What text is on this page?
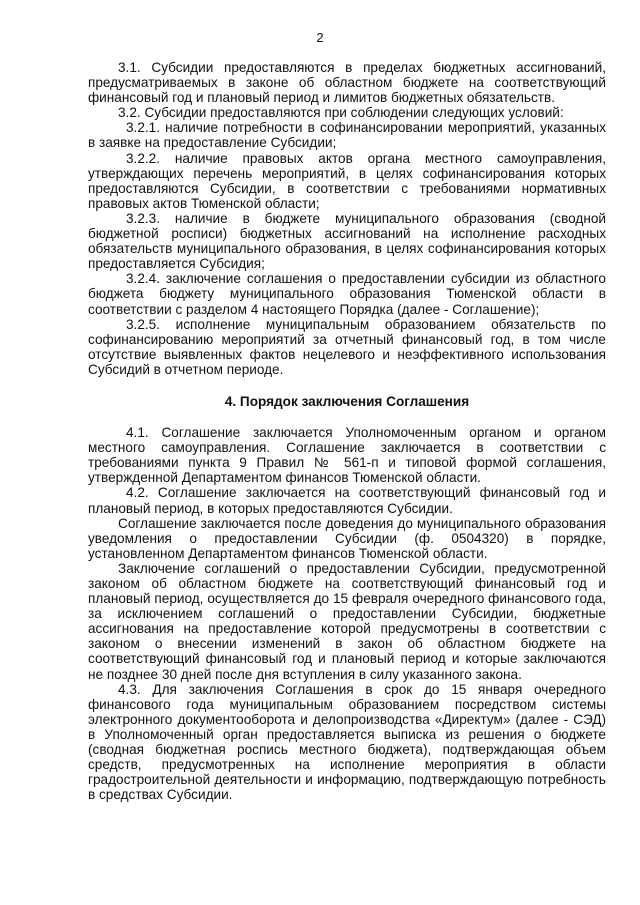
2

3.1. Субсидии предоставляются в пределах бюджетных ассигнований, предусматриваемых в законе об областном бюджете на соответствующий финансовый год и плановый период и лимитов бюджетных обязательств.

3.2. Субсидии предоставляются при соблюдении следующих условий:

3.2.1. наличие потребности в софинансировании мероприятий, указанных в заявке на предоставление Субсидии;

3.2.2. наличие правовых актов органа местного самоуправления, утверждающих перечень мероприятий, в целях софинансирования которых предоставляются Субсидии, в соответствии с требованиями нормативных правовых актов Тюменской области;

3.2.3. наличие в бюджете муниципального образования (сводной бюджетной росписи) бюджетных ассигнований на исполнение расходных обязательств муниципального образования, в целях софинансирования которых предоставляется Субсидия;

3.2.4. заключение соглашения о предоставлении субсидии из областного бюджета бюджету муниципального образования Тюменской области в соответствии с разделом 4 настоящего Порядка (далее - Соглашение);

3.2.5. исполнение муниципальным образованием обязательств по софинансированию мероприятий за отчетный финансовый год, в том числе отсутствие выявленных фактов нецелевого и неэффективного использования Субсидий в отчетном периоде.

4. Порядок заключения Соглашения

4.1. Соглашение заключается Уполномоченным органом и органом местного самоуправления. Соглашение заключается в соответствии с требованиями пункта 9 Правил № 561-п и типовой формой соглашения, утвержденной Департаментом финансов Тюменской области.

4.2. Соглашение заключается на соответствующий финансовый год и плановый период, в которых предоставляются Субсидии.

Соглашение заключается после доведения до муниципального образования уведомления о предоставлении Субсидии (ф. 0504320) в порядке, установленном Департаментом финансов Тюменской области.

Заключение соглашений о предоставлении Субсидии, предусмотренной законом об областном бюджете на соответствующий финансовый год и плановый период, осуществляется до 15 февраля очередного финансового года, за исключением соглашений о предоставлении Субсидии, бюджетные ассигнования на предоставление которой предусмотрены в соответствии с законом о внесении изменений в закон об областном бюджете на соответствующий финансовый год и плановый период и которые заключаются не позднее 30 дней после дня вступления в силу указанного закона.

4.3. Для заключения Соглашения в срок до 15 января очередного финансового года муниципальным образованием посредством системы электронного документооборота и делопроизводства «Директум» (далее - СЭД) в Уполномоченный орган предоставляется выписка из решения о бюджете (сводная бюджетная роспись местного бюджета), подтверждающая объем средств, предусмотренных на исполнение мероприятия в области градостроительной деятельности и информацию, подтверждающую потребность в средствах Субсидии.
